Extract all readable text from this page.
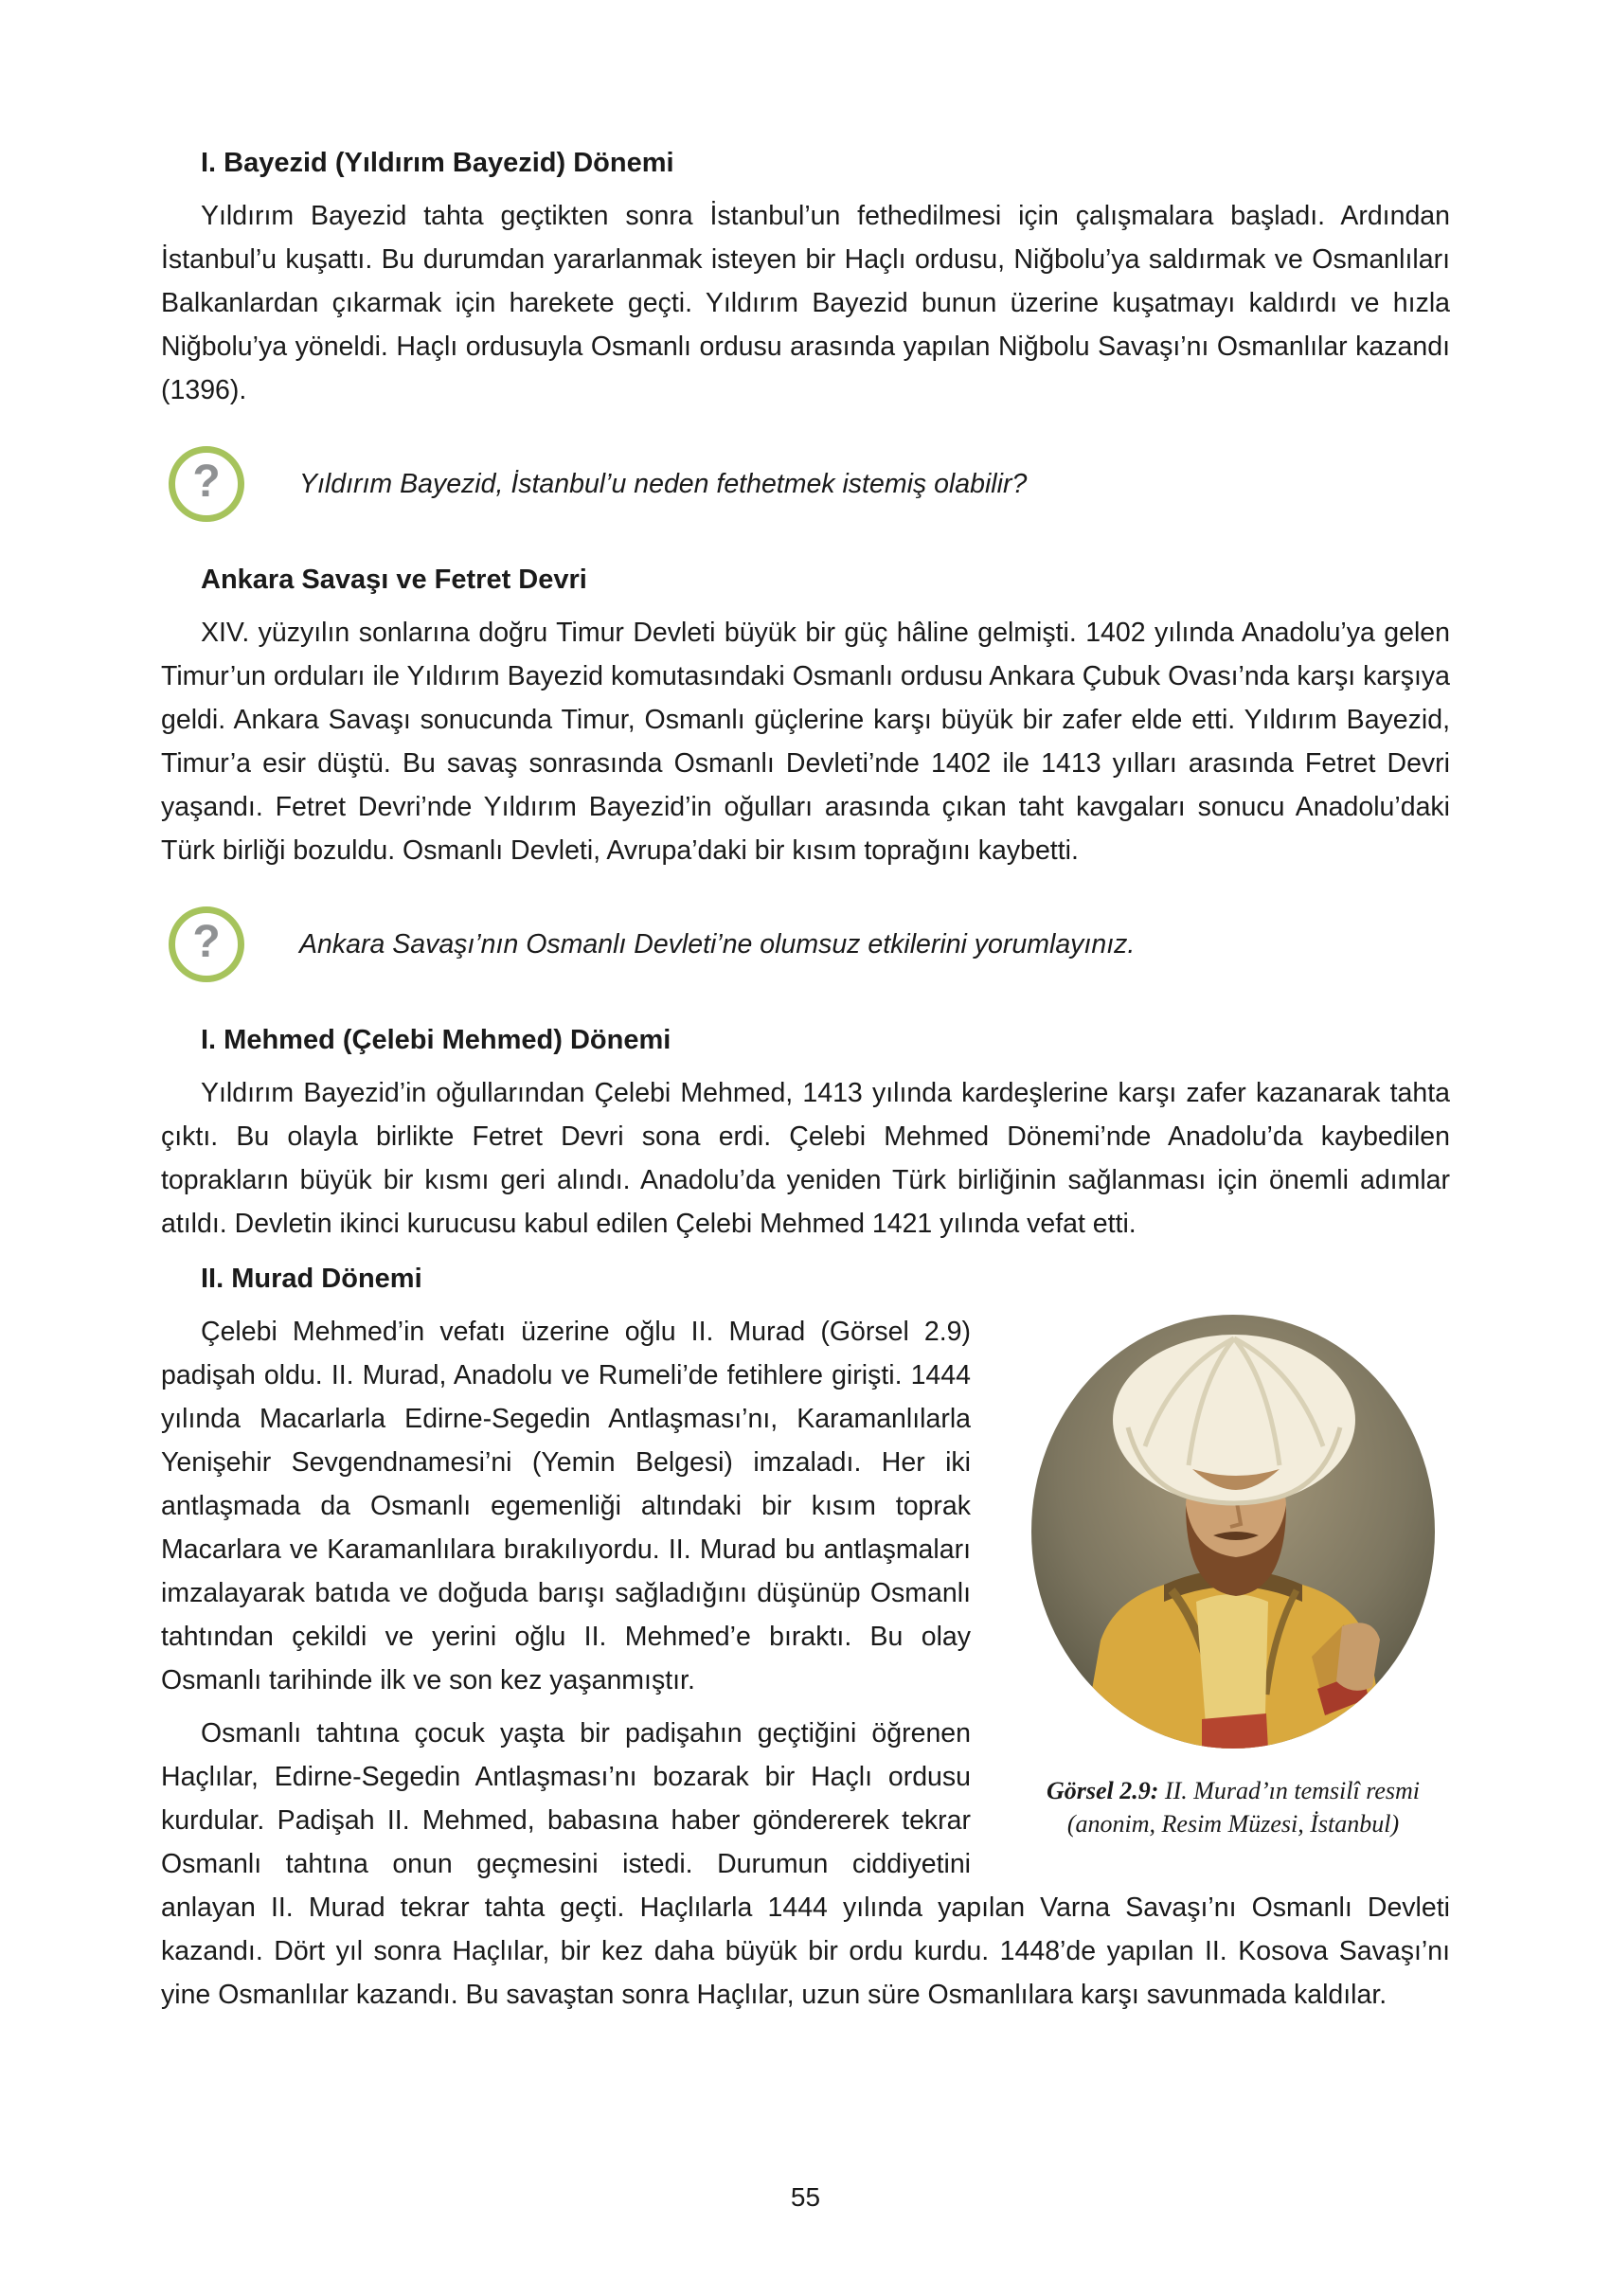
I. Bayezid (Yıldırım Bayezid) Dönemi

Yıldırım Bayezid tahta geçtikten sonra İstanbul’un fethedilmesi için çalışmalara başladı. Ardından İstanbul’u kuşattı. Bu durumdan yararlanmak isteyen bir Haçlı ordusu, Niğbolu’ya saldırmak ve Osmanlıları Balkanlardan çıkarmak için harekete geçti. Yıldırım Bayezid bunun üzerine kuşatmayı kaldırdı ve hızla Niğbolu’ya yöneldi. Haçlı ordusuyla Osmanlı ordusu arasında yapılan Niğbolu Savaşı’nı Osmanlılar kazandı (1396).

?	Yıldırım Bayezid, İstanbul’u neden fethetmek istemiş olabilir?

Ankara Savaşı ve Fetret Devri

XIV. yüzyılın sonlarına doğru Timur Devleti büyük bir güç hâline gelmişti. 1402 yılında Anadolu’ya gelen Timur’un orduları ile Yıldırım Bayezid komutasındaki Osmanlı ordusu Ankara Çubuk Ovası’nda karşı karşıya geldi. Ankara Savaşı sonucunda Timur, Osmanlı güçlerine karşı büyük bir zafer elde etti. Yıldırım Bayezid, Timur’a esir düştü. Bu savaş sonrasında Osmanlı Devleti’nde 1402 ile 1413 yılları arasında Fetret Devri yaşandı. Fetret Devri’nde Yıldırım Bayezid’in oğulları arasında çıkan taht kavgaları sonucu Anadolu’daki Türk birliği bozuldu. Osmanlı Devleti, Avrupa’daki bir kısım toprağını kaybetti.

?	Ankara Savaşı’nın Osmanlı Devleti’ne olumsuz etkilerini yorumlayınız.

I. Mehmed (Çelebi Mehmed) Dönemi

Yıldırım Bayezid’in oğullarından Çelebi Mehmed, 1413 yılında kardeşlerine karşı zafer kazanarak tahta çıktı. Bu olayla birlikte Fetret Devri sona erdi. Çelebi Mehmed Dönemi’nde Anadolu’da kaybedilen toprakların büyük bir kısmı geri alındı. Anadolu’da yeniden Türk birliğinin sağlanması için önemli adımlar atıldı. Devletin ikinci kurucusu kabul edilen Çelebi Mehmed 1421 yılında vefat etti.

II. Murad Dönemi
Görsel 2.9: II. Murad’ın temsilî resmi (anonim, Resim Müzesi, İstanbul)

Çelebi Mehmed’in vefatı üzerine oğlu II. Murad (Görsel 2.9) padişah oldu. II. Murad, Anadolu ve Rumeli’de fetihlere girişti. 1444 yılında Macarlarla Edirne-Segedin Antlaşması’nı, Karamanlılarla Yenişehir Sevgendnamesi’ni (Yemin Belgesi) imzaladı. Her iki antlaşmada da Osmanlı egemenliği altındaki bir kısım toprak Macarlara ve Karamanlılara bırakılıyordu. II. Murad bu antlaşmaları imzalayarak batıda ve doğuda barışı sağladığını düşünüp Osmanlı tahtından çekildi ve yerini oğlu II. Mehmed’e bıraktı. Bu olay Osmanlı tarihinde ilk ve son kez yaşanmıştır.

Osmanlı tahtına çocuk yaşta bir padişahın geçtiğini öğrenen Haçlılar, Edirne-Segedin Antlaşması’nı bozarak bir Haçlı ordusu kurdular. Padişah II. Mehmed, babasına haber göndererek tekrar Osmanlı tahtına onun geçmesini istedi. Durumun ciddiyetini anlayan II. Murad tekrar tahta geçti. Haçlılarla 1444 yılında yapılan Varna Savaşı’nı Osmanlı Devleti kazandı. Dört yıl sonra Haçlılar, bir kez daha büyük bir ordu kurdu. 1448’de yapılan II. Kosova Savaşı’nı yine Osmanlılar kazandı. Bu savaştan sonra Haçlılar, uzun süre Osmanlılara karşı savunmada kaldılar.

55
